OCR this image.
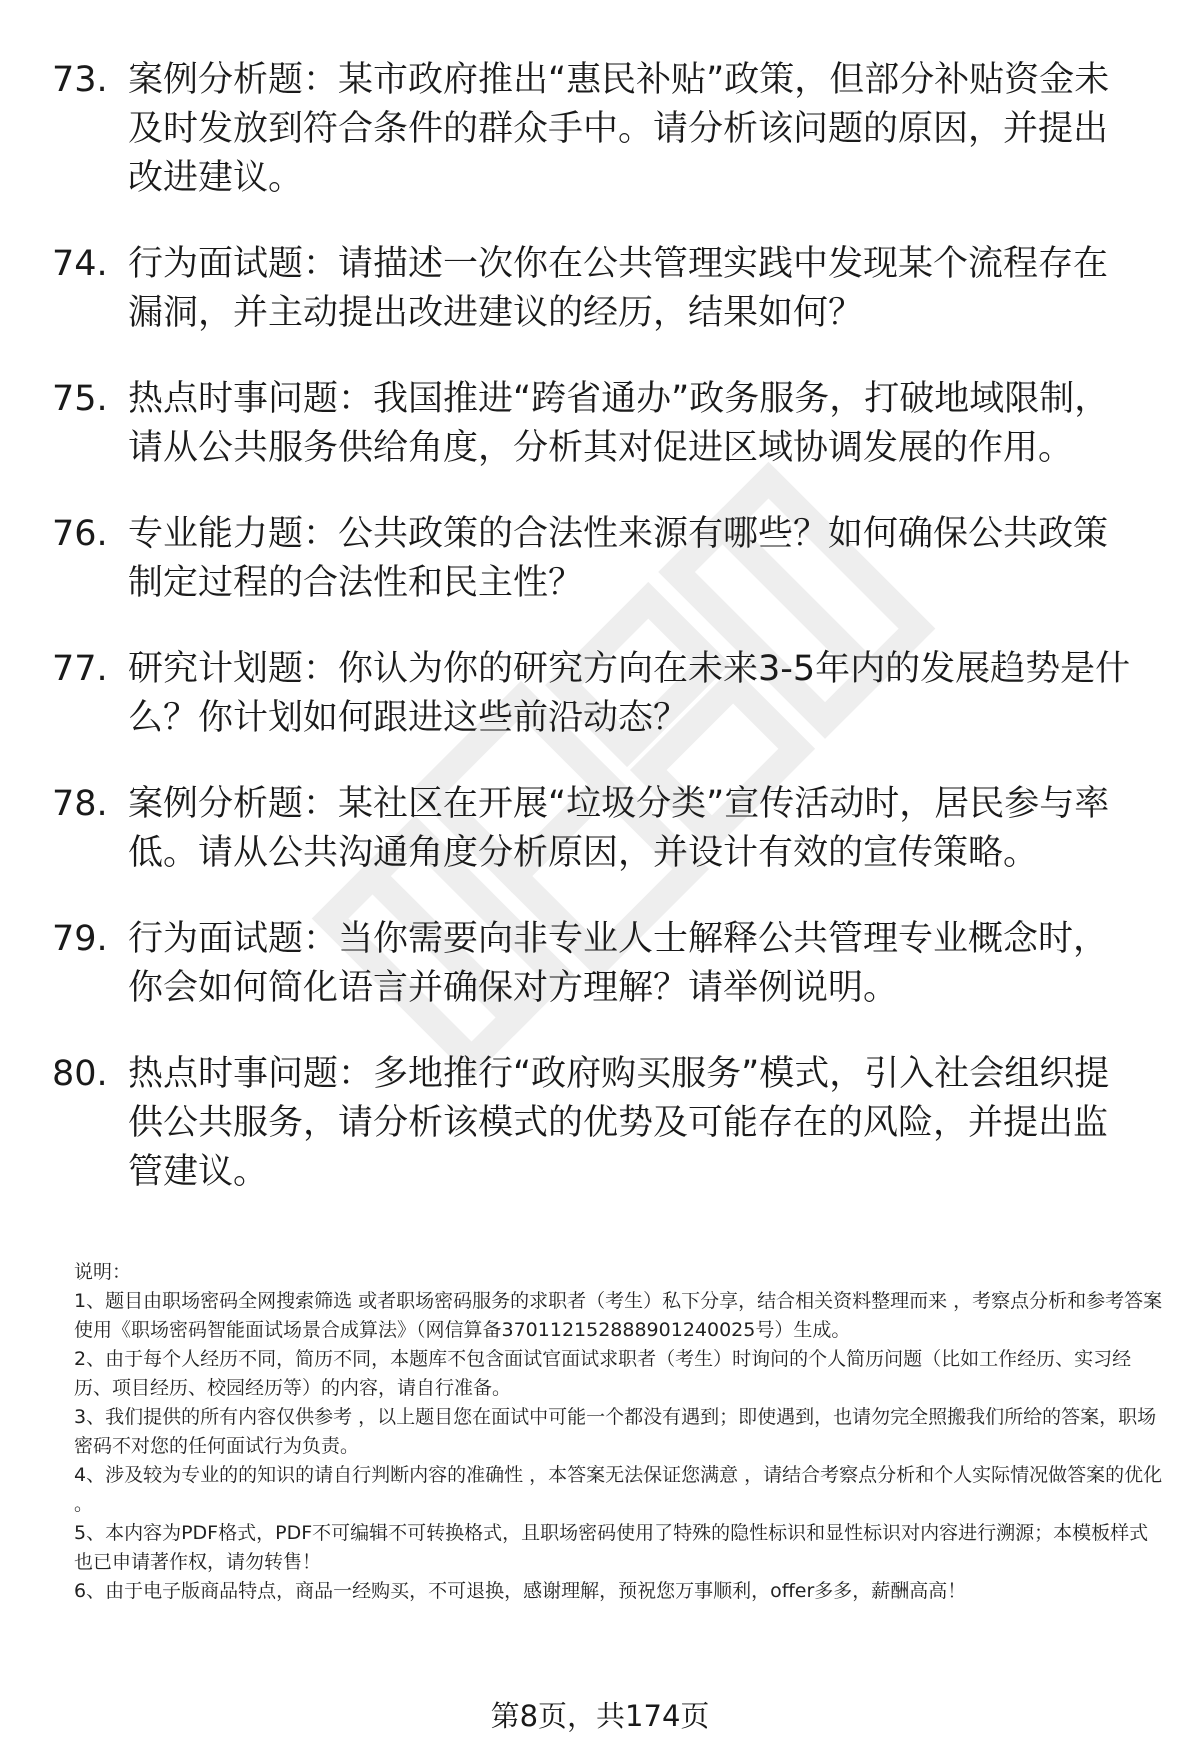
73. 案例分析题：某市政府推出“惠民补贴”政策，但部分补贴资金未及时发放到符合条件的群众手中。请分析该问题的原因，并提出改进建议。
74. 行为面试题：请描述一次你在公共管理实践中发现某个流程存在漏洞，并主动提出改进建议的经历，结果如何？
75. 热点时事问题：我国推进“跨省通办”政务服务，打破地域限制，请从公共服务供给角度，分析其对促进区域协调发展的作用。
76. 专业能力题：公共政策的合法性来源有哪些？如何确保公共政策制定过程的合法性和民主性？
77. 研究计划题：你认为你的研究方向在未来3-5年内的发展趋势是什么？你计划如何跟进这些前沿动态？
78. 案例分析题：某社区在开展“垃圾分类”宣传活动时，居民参与率低。请从公共沟通角度分析原因，并设计有效的宣传策略。
79. 行为面试题：当你需要向非专业人士解释公共管理专业概念时，你会如何简化语言并确保对方理解？请举例说明。
80. 热点时事问题：多地推行“政府购买服务”模式，引入社会组织提供公共服务，请分析该模式的优势及可能存在的风险，并提出监管建议。

说明：

1、题目由职场密码全网搜索筛选 或者职场密码服务的求职者（考生）私下分享，结合相关资料整理而来 ，考察点分析和参考答案使用《职场密码智能面试场景合成算法》（网信算备370112152888901240025号）生成。

2、由于每个人经历不同，简历不同，本题库不包含面试官面试求职者（考生）时询问的个人简历问题（比如工作经历、实习经历、项目经历、校园经历等）的内容，请自行准备。

3、我们提供的所有内容仅供参考 ，以上题目您在面试中可能一个都没有遇到；即使遇到，也请勿完全照搬我们所给的答案，职场密码不对您的任何面试行为负责。

4、涉及较为专业的的知识的请自行判断内容的准确性 ，本答案无法保证您满意 ，请结合考察点分析和个人实际情况做答案的优化 。

5、本内容为PDF格式，PDF不可编辑不可转换格式，且职场密码使用了特殊的隐性标识和显性标识对内容进行溯源；本模板样式也已申请著作权，请勿转售！

6、由于电子版商品特点，商品一经购买，不可退换，感谢理解，预祝您万事顺利，offer多多，薪酬高高！

第8页，共174页
